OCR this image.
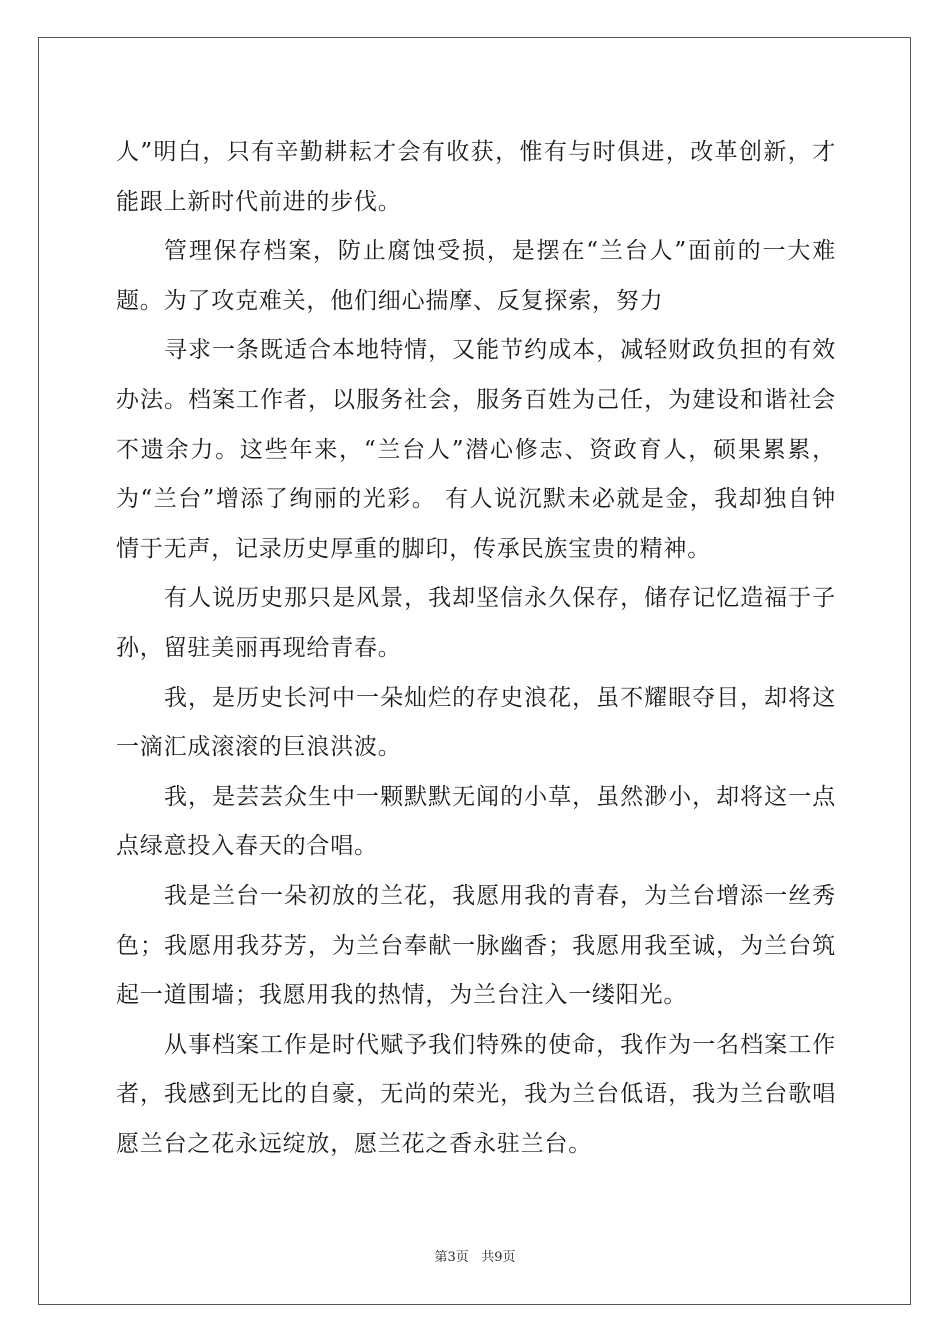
人”明白，只有辛勤耕耘才会有收获，惟有与时俱进，改革创新，才能跟上新时代前进的步伐。

管理保存档案，防止腐蚀受损，是摆在“兰台人”面前的一大难题。为了攻克难关，他们细心揣摩、反复探索，努力

寻求一条既适合本地特情，又能节约成本，减轻财政负担的有效办法。档案工作者，以服务社会，服务百姓为己任，为建设和谐社会不遗余力。这些年来，“兰台人”潜心修志、资政育人，硕果累累，为“兰台”增添了绚丽的光彩。 有人说沉默未必就是金，我却独自钟情于无声，记录历史厚重的脚印，传承民族宝贵的精神。

有人说历史那只是风景，我却坚信永久保存，储存记忆造福于子孙，留驻美丽再现给青春。

我，是历史长河中一朵灿烂的存史浪花，虽不耀眼夺目，却将这一滴汇成滚滚的巨浪洪波。

我，是芸芸众生中一颗默默无闻的小草，虽然渺小，却将这一点点绿意投入春天的合唱。

我是兰台一朵初放的兰花，我愿用我的青春，为兰台增添一丝秀色；我愿用我芬芳，为兰台奉献一脉幽香；我愿用我至诚，为兰台筑起一道围墙；我愿用我的热情，为兰台注入一缕阳光。

从事档案工作是时代赋予我们特殊的使命，我作为一名档案工作者，我感到无比的自豪，无尚的荣光，我为兰台低语，我为兰台歌唱愿兰台之花永远绽放，愿兰花之香永驻兰台。

第3页 共9页
